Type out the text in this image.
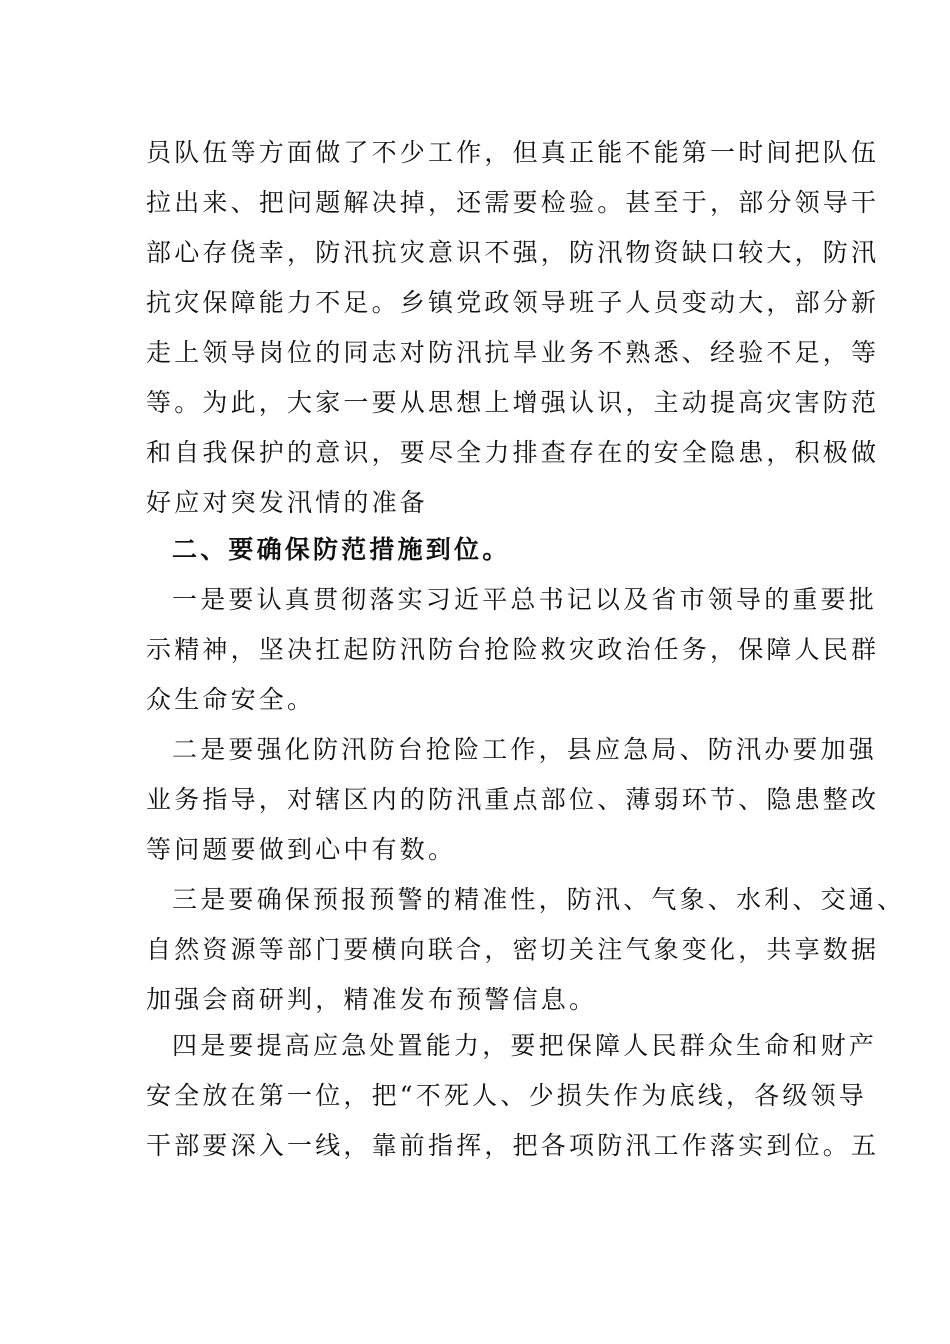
员队伍等方面做了不少工作，但真正能不能第一时间把队伍
拉出来、把问题解决掉，还需要检验。甚至于，部分领导干
部心存侥幸，防汛抗灾意识不强，防汛物资缺口较大，防汛
抗灾保障能力不足。乡镇党政领导班子人员变动大，部分新
走上领导岗位的同志对防汛抗旱业务不熟悉、经验不足，等
等。为此，大家一要从思想上增强认识，主动提高灾害防范
和自我保护的意识，要尽全力排查存在的安全隐患，积极做
好应对突发汛情的准备
二、要确保防范措施到位。
一是要认真贯彻落实习近平总书记以及省市领导的重要批
示精神，坚决扛起防汛防台抢险救灾政治任务，保障人民群
众生命安全。
二是要强化防汛防台抢险工作，县应急局、防汛办要加强
业务指导，对辖区内的防汛重点部位、薄弱环节、隐患整改
等问题要做到心中有数。
三是要确保预报预警的精准性，防汛、气象、水利、交通、
自然资源等部门要横向联合，密切关注气象变化，共享数据
加强会商研判，精准发布预警信息。
四是要提高应急处置能力，要把保障人民群众生命和财产
安全放在第一位，把“不死人、少损失作为底线，各级领导
干部要深入一线，靠前指挥，把各项防汛工作落实到位。五
